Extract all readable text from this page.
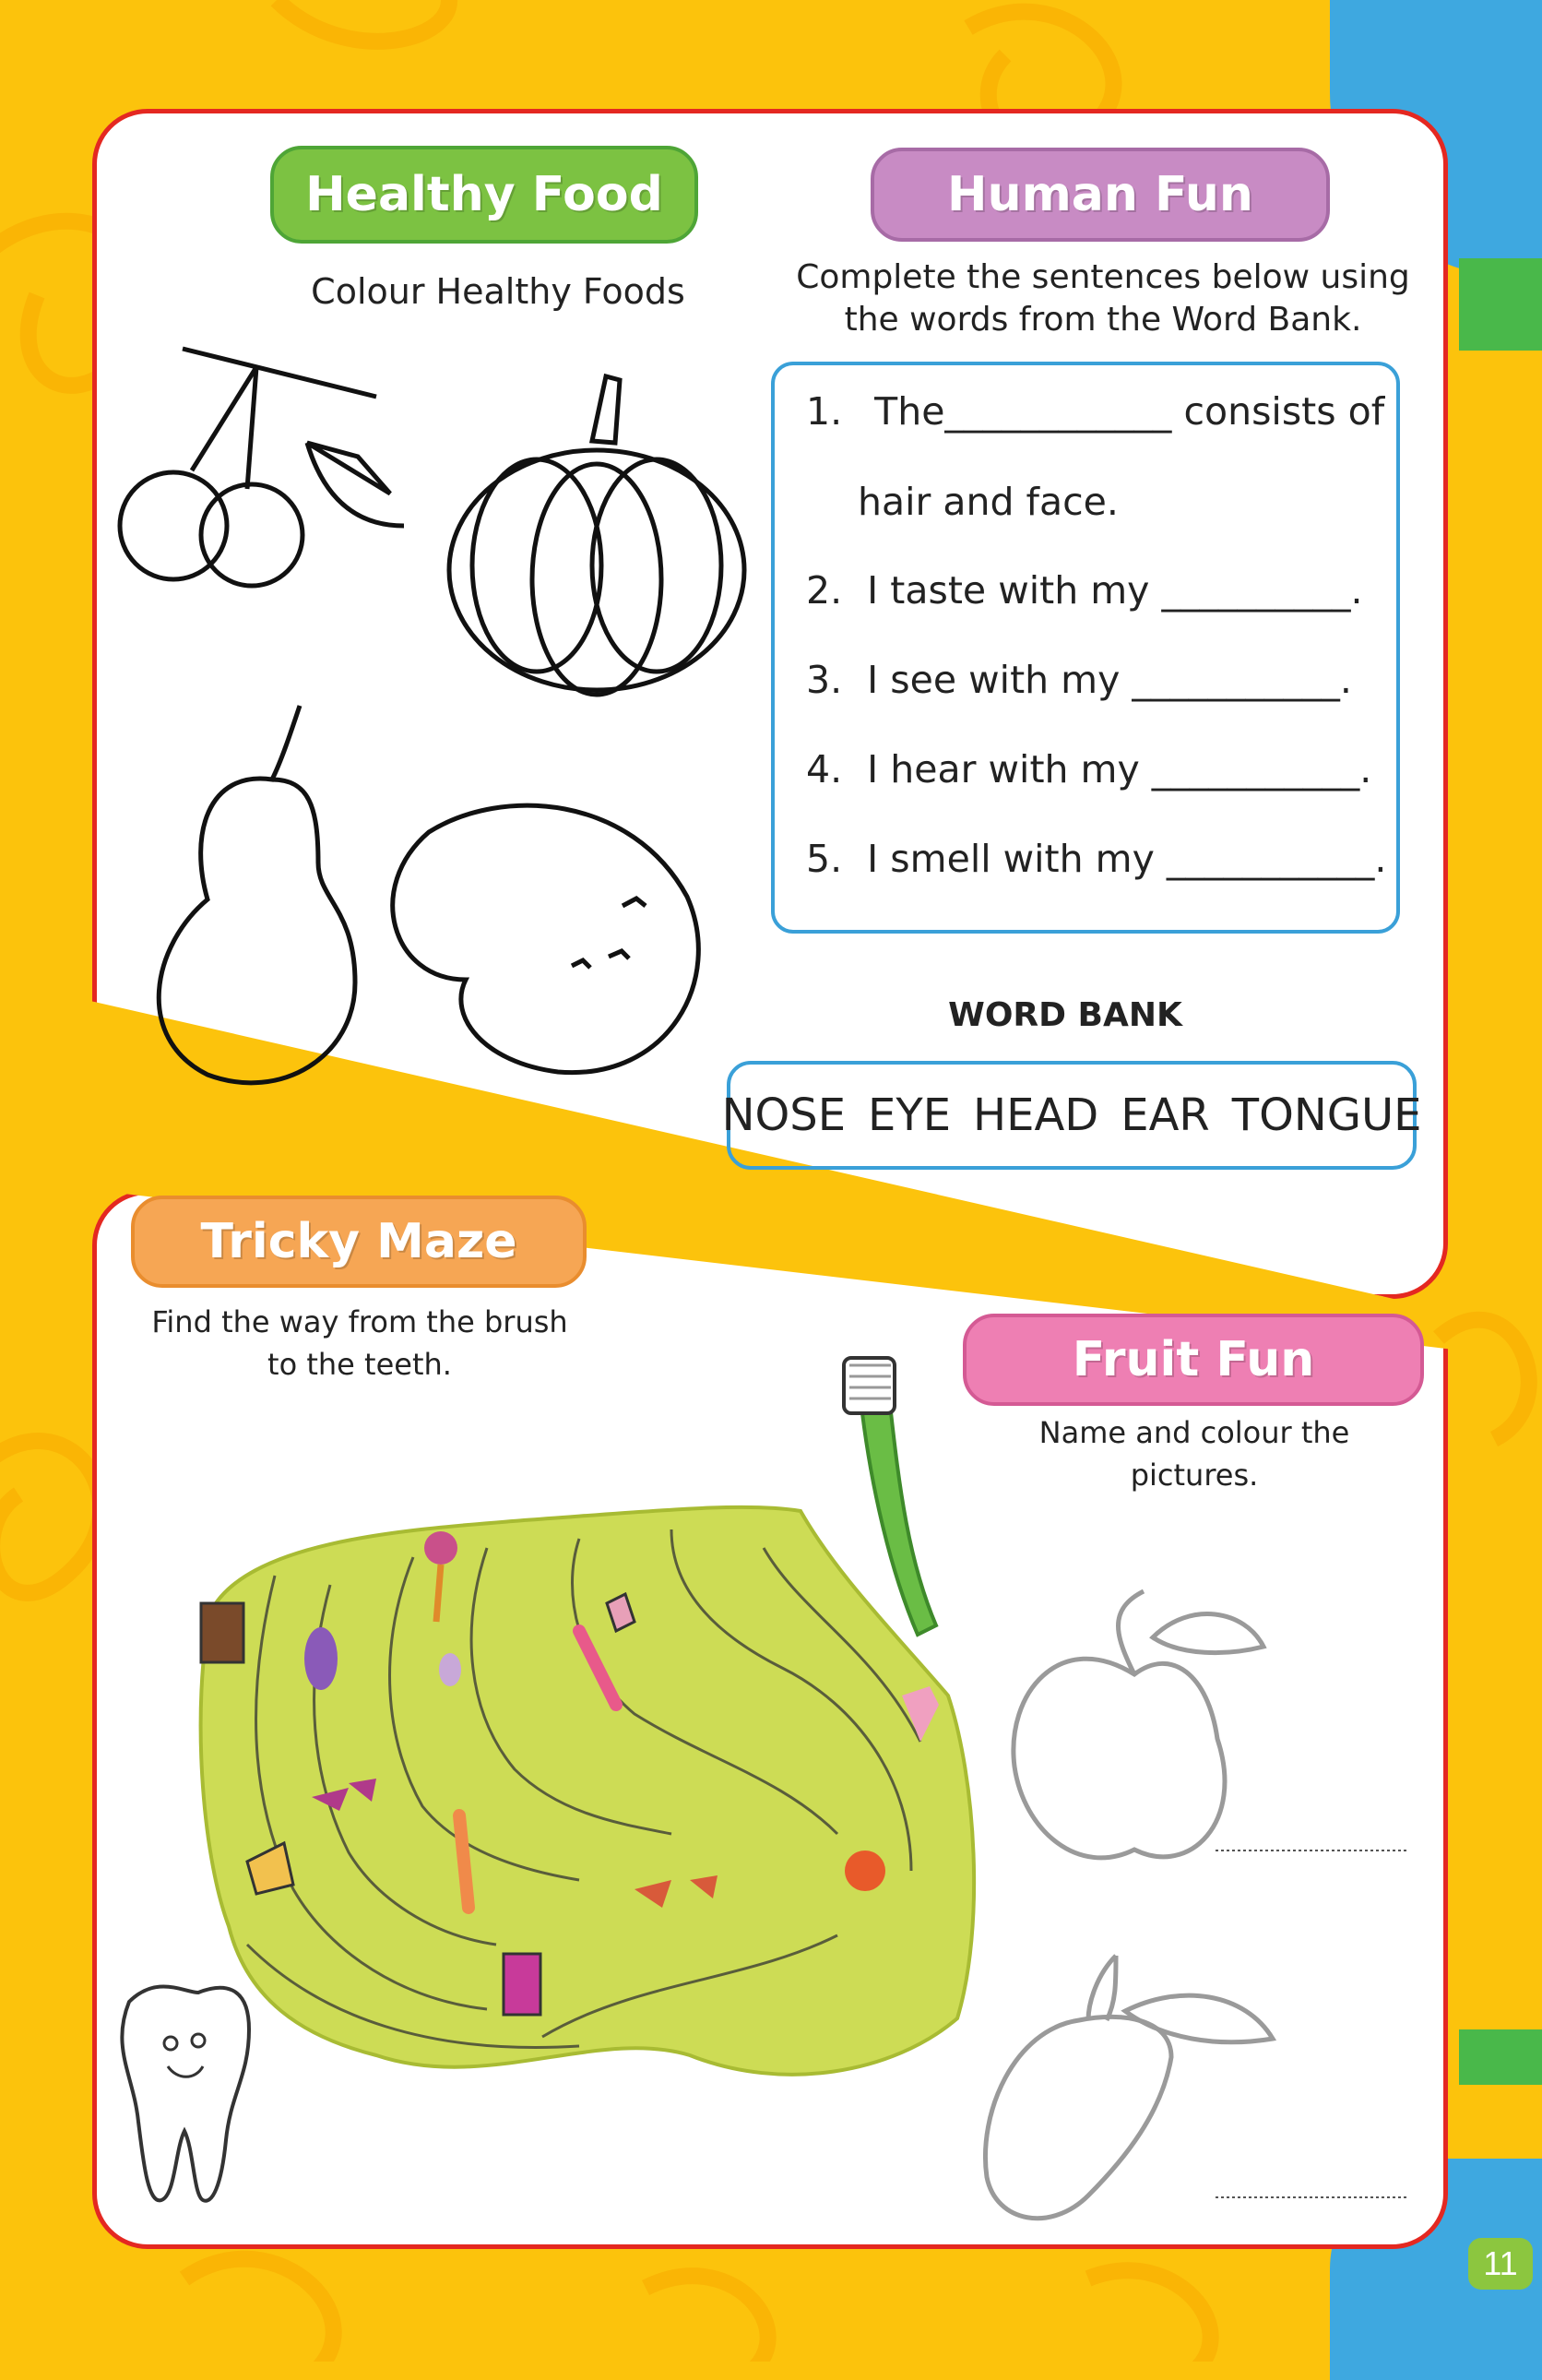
Healthy Food
Colour Healthy Foods
Human Fun
Complete the sentences below using
the words from the Word Bank.
1. The____________ consists of
hair and face.
2. I taste with my __________.
3. I see with my ___________.
4. I hear with my ___________.
5. I smell with my ___________.
WORD BANK
NOSE EYE HEAD EAR TONGUE
Tricky Maze
Find the way from the brush
to the teeth.	Fruit Fun
Name and colour the
pictures.
11
